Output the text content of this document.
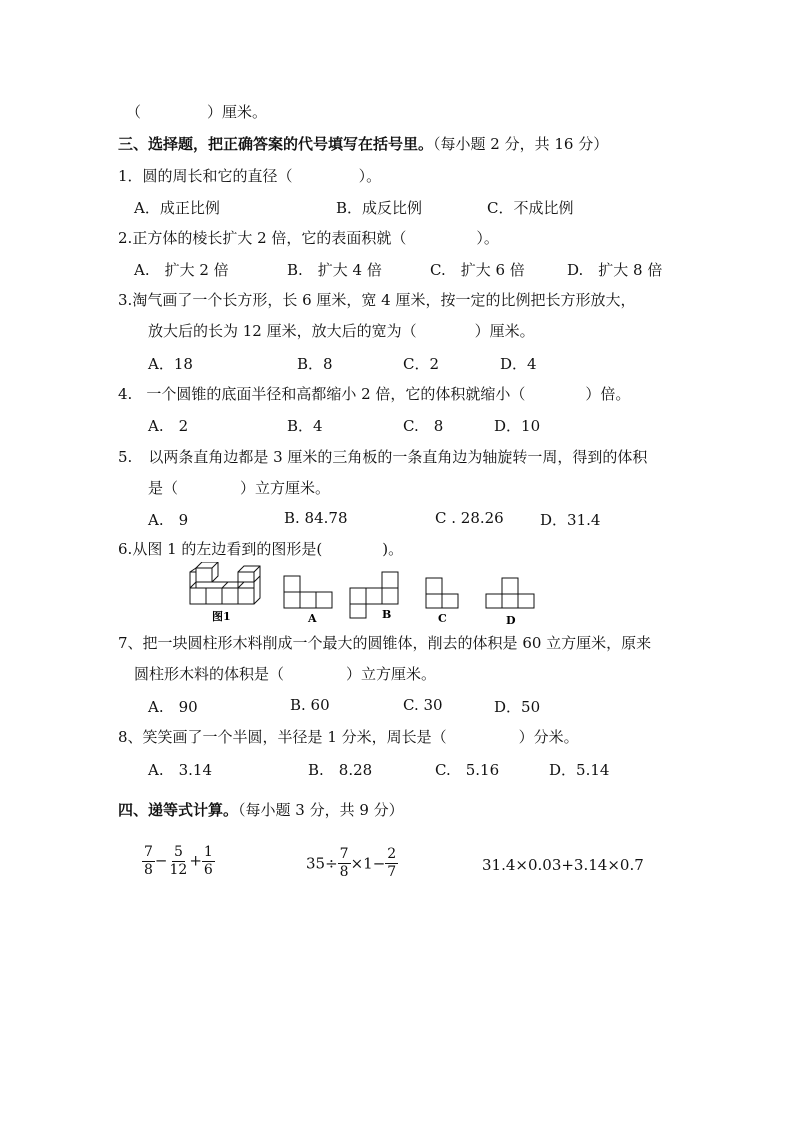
（	）厘米。
三、选择题，把正确答案的代号填写在括号里。（每小题 2 分，共 16 分）
1．圆的周长和它的直径（	）。
A．成正比例	B．成反比例	C．不成比例
2.正方体的棱长扩大 2 倍，它的表面积就（	）。
A.　扩大 2 倍	B.　扩大 4 倍	C.　扩大 6 倍	D.　扩大 8 倍
3.淘气画了一个长方形，长 6 厘米，宽 4 厘米，按一定的比例把长方形放大，
放大后的长为 12 厘米，放大后的宽为（	）厘米。
A．18	B．8	C．2	D．4
4. 一个圆锥的底面半径和高都缩小 2 倍，它的体积就缩小（	）倍。
A.　2	B．4	C.　8	D．10
5. 以两条直角边都是 3 厘米的三角板的一条直角边为轴旋转一周，得到的体积
是（	）立方厘米。
A.　9	B. 84.78	C . 28.26 D．31.4
6.从图 1 的左边看到的图形是(	)。
图1	A	B	C	D
7、把一块圆柱形木料削成一个最大的圆锥体，削去的体积是 60 立方厘米，原来
圆柱形木料的体积是（	）立方厘米。
A.　90	B. 60	C. 30	D．50
8、笑笑画了一个半圆，半径是 1 分米，周长是（	）分米。
A.　3.14	B.　8.28	C.　5.16	D．5.14
四、递等式计算。（每小题 3 分，共 9 分）
$\frac{7}{8} - \frac{5}{12} + \frac{1}{6}$	$35\div \frac{7}{8} \times 1- \frac{2}{7}$	31.4×0.03+3.14×0.7
